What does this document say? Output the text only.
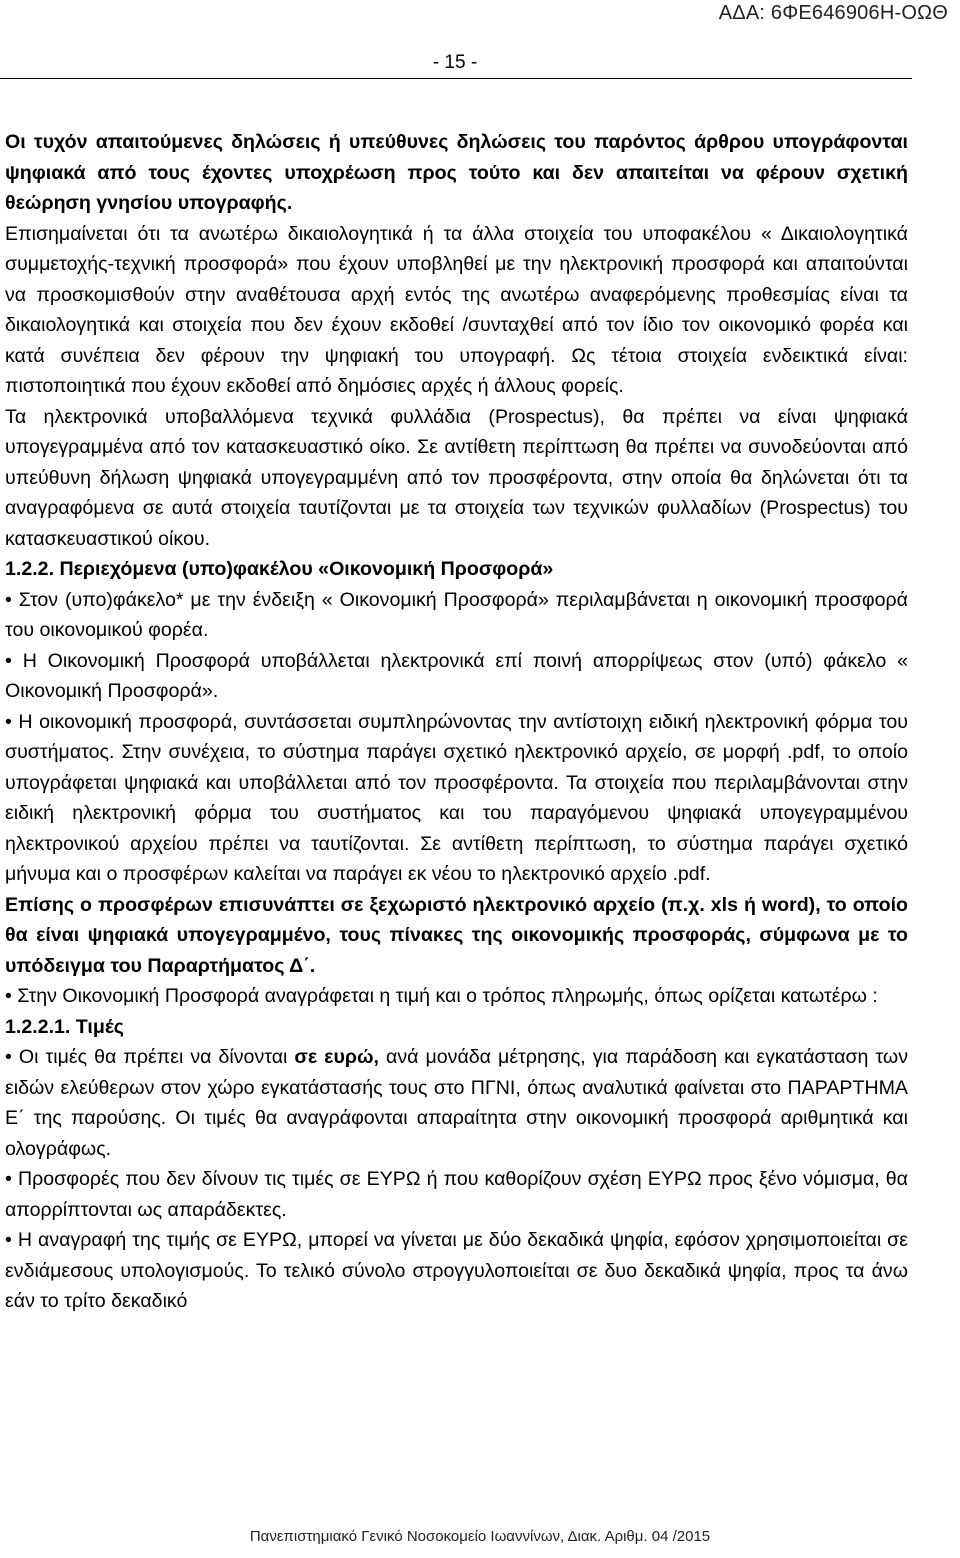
ΑΔΑ: 6ΦΕ646906Η-ΟΩΘ
- 15 -

Οι τυχόν απαιτούμενες δηλώσεις ή υπεύθυνες δηλώσεις του παρόντος άρθρου υπογράφονται ψηφιακά από τους έχοντες υποχρέωση προς τούτο και δεν απαιτείται να φέρουν σχετική θεώρηση γνησίου υπογραφής.

Επισημαίνεται ότι τα ανωτέρω δικαιολογητικά ή τα άλλα στοιχεία του υποφακέλου « Δικαιολογητικά συμμετοχής-τεχνική προσφορά» που έχουν υποβληθεί με την ηλεκτρονική προσφορά και απαιτούνται να προσκομισθούν στην αναθέτουσα αρχή εντός της ανωτέρω αναφερόμενης προθεσμίας είναι τα δικαιολογητικά και στοιχεία που δεν έχουν εκδοθεί /συνταχθεί από τον ίδιο τον οικονομικό φορέα και κατά συνέπεια δεν φέρουν την ψηφιακή του υπογραφή. Ως τέτοια στοιχεία ενδεικτικά είναι: πιστοποιητικά που έχουν εκδοθεί από δημόσιες αρχές ή άλλους φορείς.

Τα ηλεκτρονικά υποβαλλόμενα τεχνικά φυλλάδια (Prospectus), θα πρέπει να είναι ψηφιακά υπογεγραμμένα από τον κατασκευαστικό οίκο. Σε αντίθετη περίπτωση θα πρέπει να συνοδεύονται από υπεύθυνη δήλωση ψηφιακά υπογεγραμμένη από τον προσφέροντα, στην οποία θα δηλώνεται ότι τα αναγραφόμενα σε αυτά στοιχεία ταυτίζονται με τα στοιχεία των τεχνικών φυλλαδίων (Prospectus) του κατασκευαστικού οίκου.

1.2.2. Περιεχόμενα (υπο)φακέλου «Οικονομική Προσφορά»

• Στον (υπο)φάκελο* με την ένδειξη « Οικονομική Προσφορά» περιλαμβάνεται η οικονομική προσφορά του οικονομικού φορέα.

• Η Οικονομική Προσφορά υποβάλλεται ηλεκτρονικά επί ποινή απορρίψεως στον (υπό) φάκελο « Οικονομική Προσφορά».

• Η οικονομική προσφορά, συντάσσεται συμπληρώνοντας την αντίστοιχη ειδική ηλεκτρονική φόρμα του συστήματος. Στην συνέχεια, το σύστημα παράγει σχετικό ηλεκτρονικό αρχείο, σε μορφή .pdf, το οποίο υπογράφεται ψηφιακά και υποβάλλεται από τον προσφέροντα. Τα στοιχεία που περιλαμβάνονται στην ειδική ηλεκτρονική φόρμα του συστήματος και του παραγόμενου ψηφιακά υπογεγραμμένου ηλεκτρονικού αρχείου πρέπει να ταυτίζονται. Σε αντίθετη περίπτωση, το σύστημα παράγει σχετικό μήνυμα και ο προσφέρων καλείται να παράγει εκ νέου το ηλεκτρονικό αρχείο .pdf.

Επίσης ο προσφέρων επισυνάπτει σε ξεχωριστό ηλεκτρονικό αρχείο (π.χ. xls ή word), το οποίο θα είναι ψηφιακά υπογεγραμμένο, τους πίνακες της οικονομικής προσφοράς, σύμφωνα με το υπόδειγμα του Παραρτήματος Δ΄.

• Στην Οικονομική Προσφορά αναγράφεται η τιμή και ο τρόπος πληρωμής, όπως ορίζεται κατωτέρω :

1.2.2.1. Τιμές

• Οι τιμές θα πρέπει να δίνονται σε ευρώ, ανά μονάδα μέτρησης, για παράδοση και εγκατάσταση των ειδών ελεύθερων στον χώρο εγκατάστασής τους στο ΠΓΝΙ, όπως αναλυτικά φαίνεται στο ΠΑΡΑΡΤΗΜΑ Ε΄ της παρούσης. Οι τιμές θα αναγράφονται απαραίτητα στην οικονομική προσφορά αριθμητικά και ολογράφως.

• Προσφορές που δεν δίνουν τις τιμές σε ΕΥΡΩ ή που καθορίζουν σχέση ΕΥΡΩ προς ξένο νόμισμα, θα απορρίπτονται ως απαράδεκτες.

• Η αναγραφή της τιμής σε ΕΥΡΩ, μπορεί να γίνεται με δύο δεκαδικά ψηφία, εφόσον χρησιμοποιείται σε ενδιάμεσους υπολογισμούς. Το τελικό σύνολο στρογγυλοποιείται σε δυο δεκαδικά ψηφία, προς τα άνω εάν το τρίτο δεκαδικό

Πανεπιστημιακό Γενικό Νοσοκομείο Ιωαννίνων, Διακ. Αριθμ. 04 /2015
